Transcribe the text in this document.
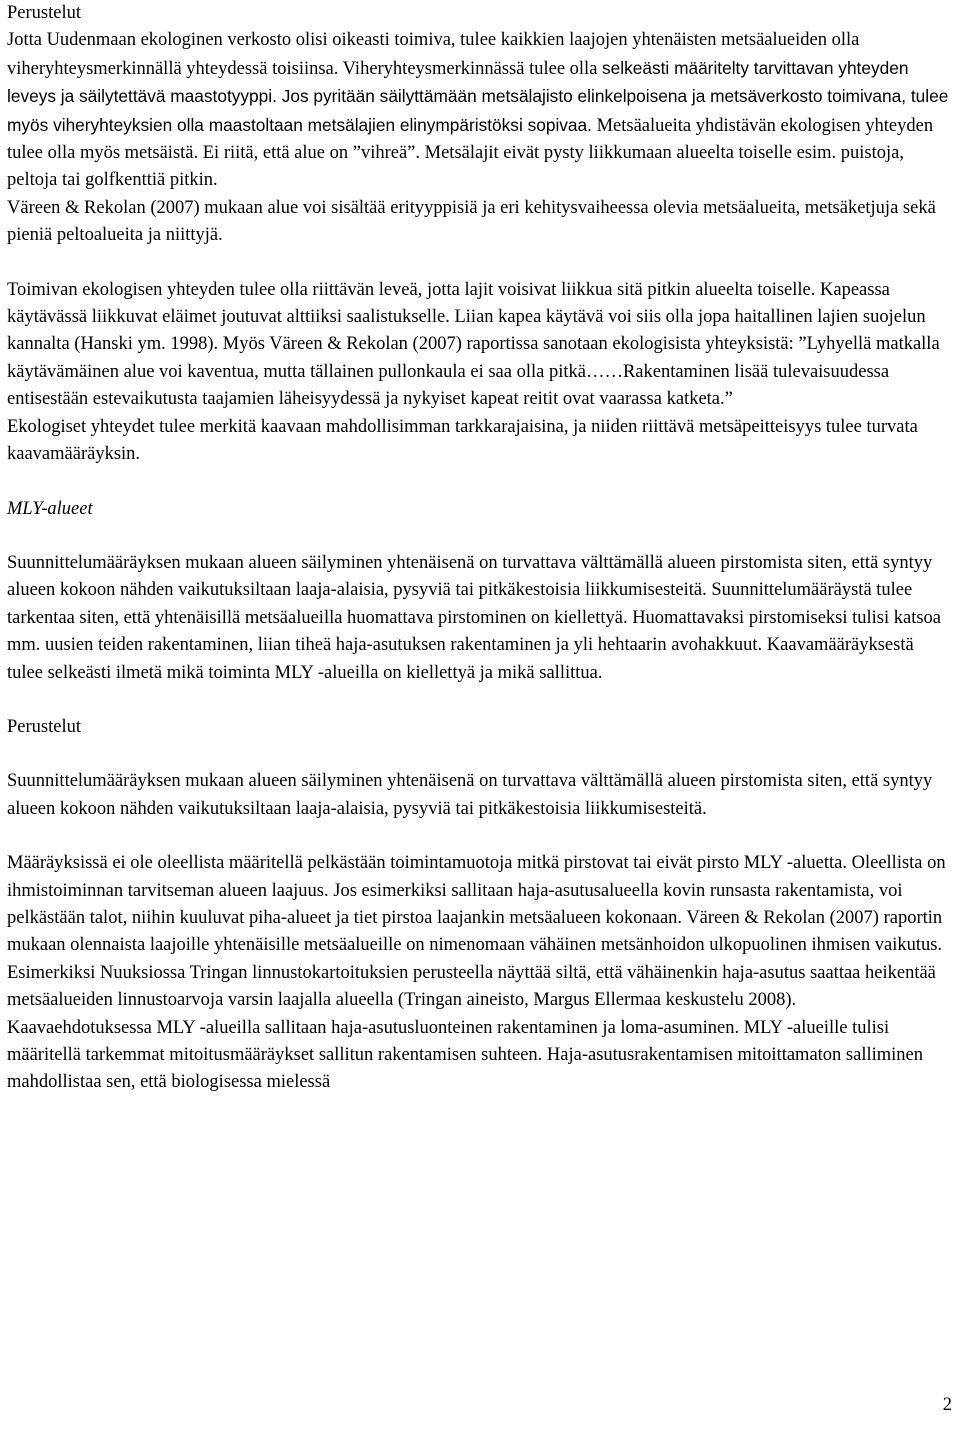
Perustelut

Jotta Uudenmaan ekologinen verkosto olisi oikeasti toimiva, tulee kaikkien laajojen yhtenäisten metsäalueiden olla viheryhteysmerkinnällä yhteydessä toisiinsa. Viheryhteysmerkinnässä tulee olla selkeästi määritelty tarvittavan yhteyden leveys ja säilytettävä maastotyyppi. Jos pyritään säilyttämään metsälajisto elinkelpoisena ja metsäverkosto toimivana, tulee myös viheryhteyksien olla maastoltaan metsälajien elinympäristöksi sopivaa. Metsäalueita yhdistävän ekologisen yhteyden tulee olla myös metsäistä. Ei riitä, että alue on ”vihreä”. Metsälajit eivät pysty liikkumaan alueelta toiselle esim. puistoja, peltoja tai golfkenttiä pitkin.

Väreen & Rekolan (2007) mukaan alue voi sisältää erityyppisiä ja eri kehitysvaiheessa olevia metsäalueita, metsäketjuja sekä pieniä peltoalueita ja niittyjä.

Toimivan ekologisen yhteyden tulee olla riittävän leveä, jotta lajit voisivat liikkua sitä pitkin alueelta toiselle. Kapeassa käytävässä liikkuvat eläimet joutuvat alttiiksi saalistukselle. Liian kapea käytävä voi siis olla jopa haitallinen lajien suojelun kannalta (Hanski ym. 1998). Myös Väreen & Rekolan (2007) raportissa sanotaan ekologisista yhteyksistä: ”Lyhyellä matkalla käytävämäinen alue voi kaventua, mutta tällainen pullonkaula ei saa olla pitkä……Rakentaminen lisää tulevaisuudessa entisestään estevaikutusta taajamien läheisyydessä ja nykyiset kapeat reitit ovat vaarassa katketa.”

Ekologiset yhteydet tulee merkitä kaavaan mahdollisimman tarkkarajaisina, ja niiden riittävä metsäpeitteisyys tulee turvata kaavamääräyksin.

MLY-alueet

Suunnittelumääräyksen mukaan alueen säilyminen yhtenäisenä on turvattava välttämällä alueen pirstomista siten, että syntyy alueen kokoon nähden vaikutuksiltaan laaja-alaisia, pysyviä tai pitkäkestoisia liikkumisesteitä. Suunnittelumääräystä tulee tarkentaa siten, että yhtenäisillä metsäalueilla huomattava pirstominen on kiellettyä. Huomattavaksi pirstomiseksi tulisi katsoa mm. uusien teiden rakentaminen, liian tiheä haja-asutuksen rakentaminen ja yli hehtaarin avohakkuut. Kaavamääräyksestä tulee selkeästi ilmetä mikä toiminta MLY -alueilla on kiellettyä ja mikä sallittua.

Perustelut

Suunnittelumääräyksen mukaan alueen säilyminen yhtenäisenä on turvattava välttämällä alueen pirstomista siten, että syntyy alueen kokoon nähden vaikutuksiltaan laaja-alaisia, pysyviä tai pitkäkestoisia liikkumisesteitä.

Määräyksissä ei ole oleellista määritellä pelkästään toimintamuotoja mitkä pirstovat tai eivät pirsto MLY -aluetta. Oleellista on ihmistoiminnan tarvitseman alueen laajuus. Jos esimerkiksi sallitaan haja-asutusalueella kovin runsasta rakentamista, voi pelkästään talot, niihin kuuluvat piha-alueet ja tiet pirstoa laajankin metsäalueen kokonaan. Väreen & Rekolan (2007) raportin mukaan olennaista laajoille yhtenäisille metsäalueille on nimenomaan vähäinen metsänhoidon ulkopuolinen ihmisen vaikutus. Esimerkiksi Nuuksiossa Tringan linnustokartoituksien perusteella näyttää siltä, että vähäinenkin haja-asutus saattaa heikentää metsäalueiden linnustoarvoja varsin laajalla alueella (Tringan aineisto, Margus Ellermaa keskustelu 2008).

Kaavaehdotuksessa MLY -alueilla sallitaan haja-asutusluonteinen rakentaminen ja loma-asuminen. MLY -alueille tulisi määritellä tarkemmat mitoitusmääräykset sallitun rakentamisen suhteen. Haja-asutusrakentamisen mitoittamaton salliminen mahdollistaa sen, että biologisessa mielessä

2
